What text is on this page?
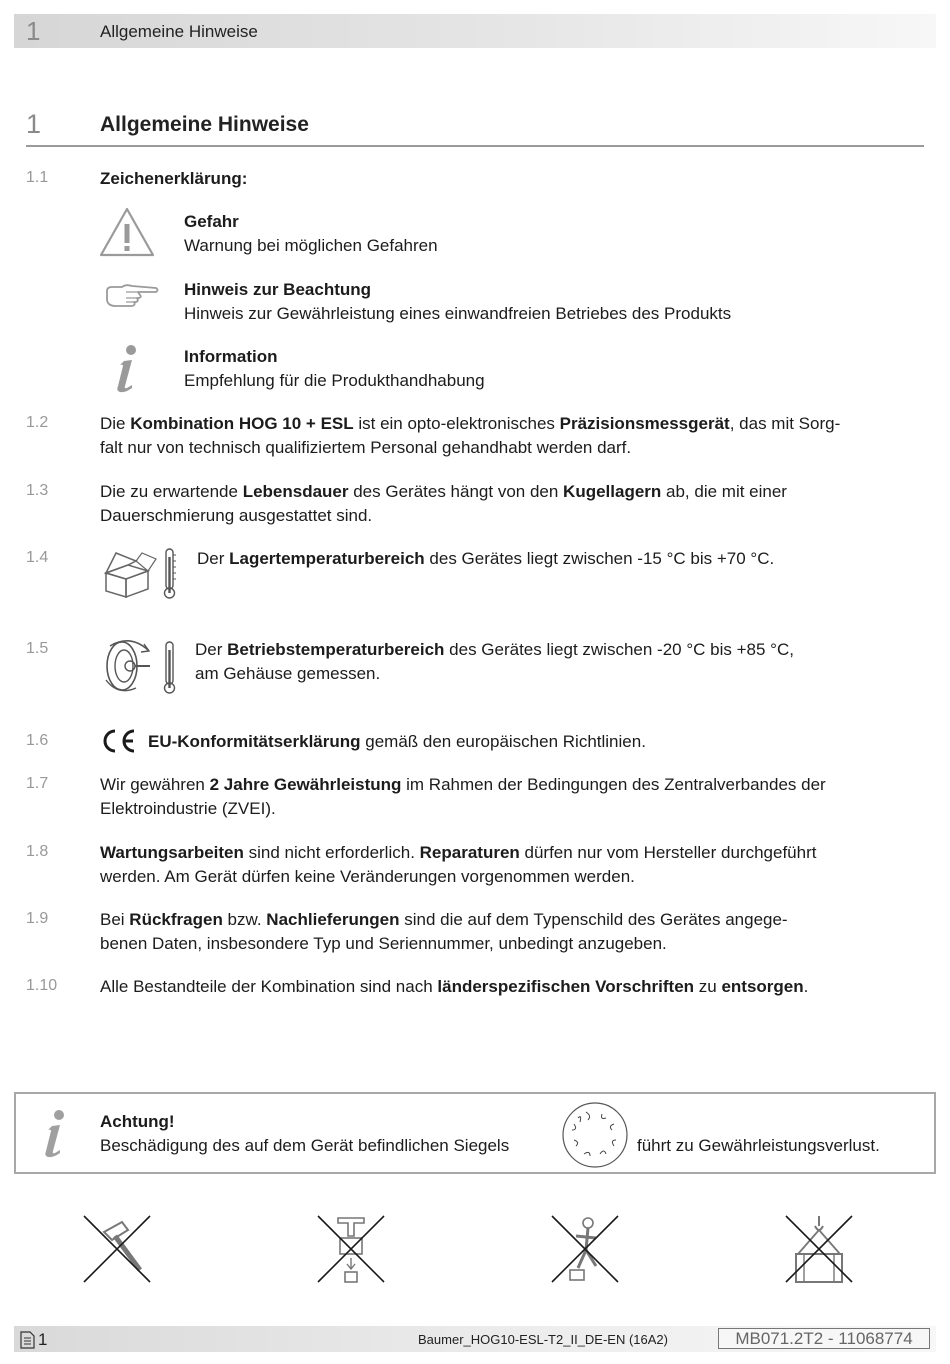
1	Allgemeine Hinweise
1	Allgemeine Hinweise
1.1	Zeichenerklärung:
Gefahr
Warnung bei möglichen Gefahren
Hinweis zur Beachtung
Hinweis zur Gewährleistung eines einwandfreien Betriebes des Produkts
Information
Empfehlung für die Produkthandhabung
1.2	Die Kombination HOG 10 + ESL ist ein opto-elektronisches Präzisionsmessgerät, das mit Sorg-
falt nur von technisch qualifiziertem Personal gehandhabt werden darf.
1.3	Die zu erwartende Lebensdauer des Gerätes hängt von den Kugellagern ab, die mit einer
Dauerschmierung ausgestattet sind.
1.4	Der Lagertemperaturbereich des Gerätes liegt zwischen -15 °C bis +70 °C.
1.5	Der Betriebstemperaturbereich des Gerätes liegt zwischen -20 °C bis +85 °C,
am Gehäuse gemessen.
1.6	EU-Konformitätserklärung gemäß den europäischen Richtlinien.
1.7	Wir gewähren 2 Jahre Gewährleistung im Rahmen der Bedingungen des Zentralverbandes der
Elektroindustrie (ZVEI).
1.8	Wartungsarbeiten sind nicht erforderlich. Reparaturen dürfen nur vom Hersteller durchgeführt
werden. Am Gerät dürfen keine Veränderungen vorgenommen werden.
1.9	Bei Rückfragen bzw. Nachlieferungen sind die auf dem Typenschild des Gerätes angege-
benen Daten, insbesondere Typ und Seriennummer, unbedingt anzugeben.
1.10	Alle Bestandteile der Kombination sind nach länderspezifischen Vorschriften zu entsorgen.
Achtung!
Beschädigung des auf dem Gerät befindlichen Siegels	führt zu Gewährleistungsverlust.
1	Baumer_HOG10-ESL-T2_II_DE-EN (16A2)	MB071.2T2 - 11068774
